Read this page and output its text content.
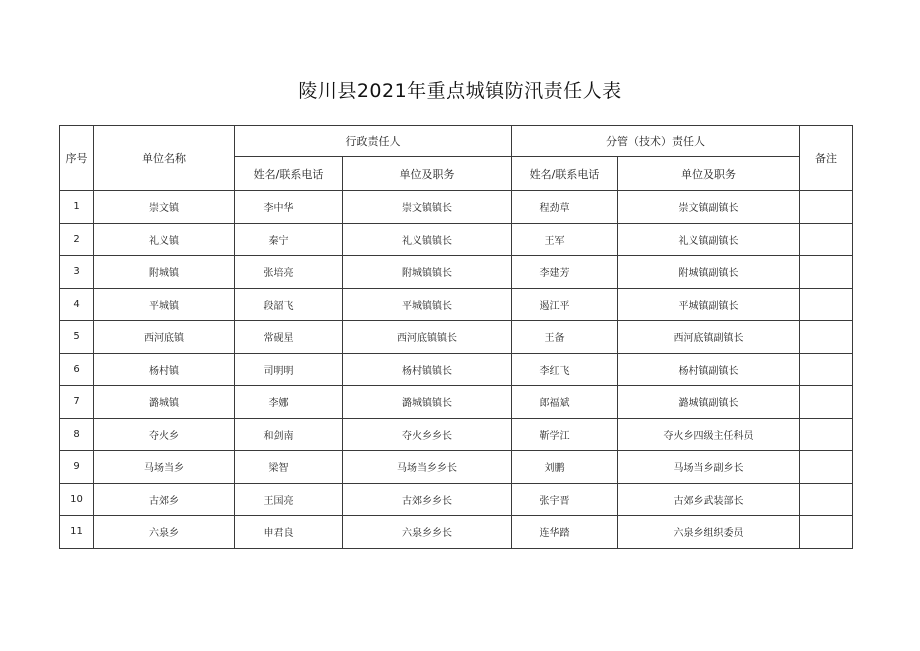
陵川县2021年重点城镇防汛责任人表
序号	单位名称	行政责任人		分管（技术）责任人		备注
		姓名/联系电话	单位及职务	姓名/联系电话	单位及职务	
1	崇文镇	李中华	崇文镇镇长	程劲草	崇文镇副镇长	
2	礼义镇	秦宁	礼义镇镇长	王军	礼义镇副镇长	
3	附城镇	张培亮	附城镇镇长	李建芳	附城镇副镇长	
4	平城镇	段韶飞	平城镇镇长	遏江平	平城镇副镇长	
5	西河底镇	常砚星	西河底镇镇长	王备	西河底镇副镇长	
6	杨村镇	司明明	杨村镇镇长	李红飞	杨村镇副镇长	
7	潞城镇	李娜	潞城镇镇长	郎福斌	潞城镇副镇长	
8	夺火乡	和剑南	夺火乡乡长	靳学江	夺火乡四级主任科员	
9	马场当乡	梁智	马场当乡乡长	刘鹏	马场当乡副乡长	
10	古郊乡	王国亮	古郊乡乡长	张宇晋	古郊乡武装部长	
11	六泉乡	申君良	六泉乡乡长	连华踏	六泉乡组织委员	
